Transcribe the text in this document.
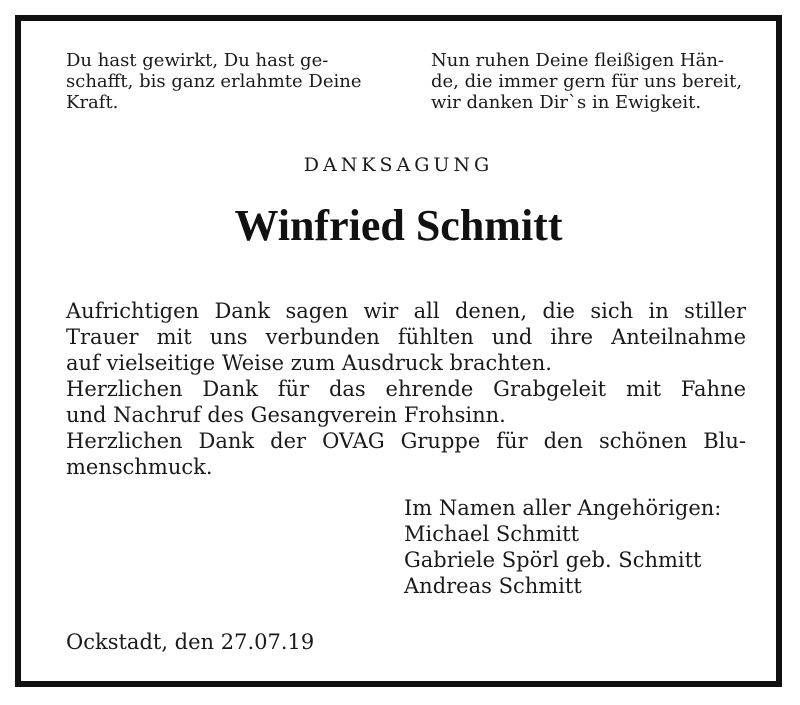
Du hast gewirkt, Du hast ge-
schafft, bis ganz erlahmte Deine
Kraft.
Nun ruhen Deine fleißigen Hän-
de, die immer gern für uns bereit,
wir danken Dir`s in Ewigkeit.
DANKSAGUNG
Winfried Schmitt
Aufrichtigen Dank sagen wir all denen, die sich in stiller
Trauer mit uns verbunden fühlten und ihre Anteilnahme
auf vielseitige Weise zum Ausdruck brachten.
Herzlichen Dank für das ehrende Grabgeleit mit Fahne
und Nachruf des Gesangverein Frohsinn.
Herzlichen Dank der OVAG Gruppe für den schönen Blu-
menschmuck.
Im Namen aller Angehörigen:
Michael Schmitt
Gabriele Spörl geb. Schmitt
Andreas Schmitt
Ockstadt, den 27.07.19
